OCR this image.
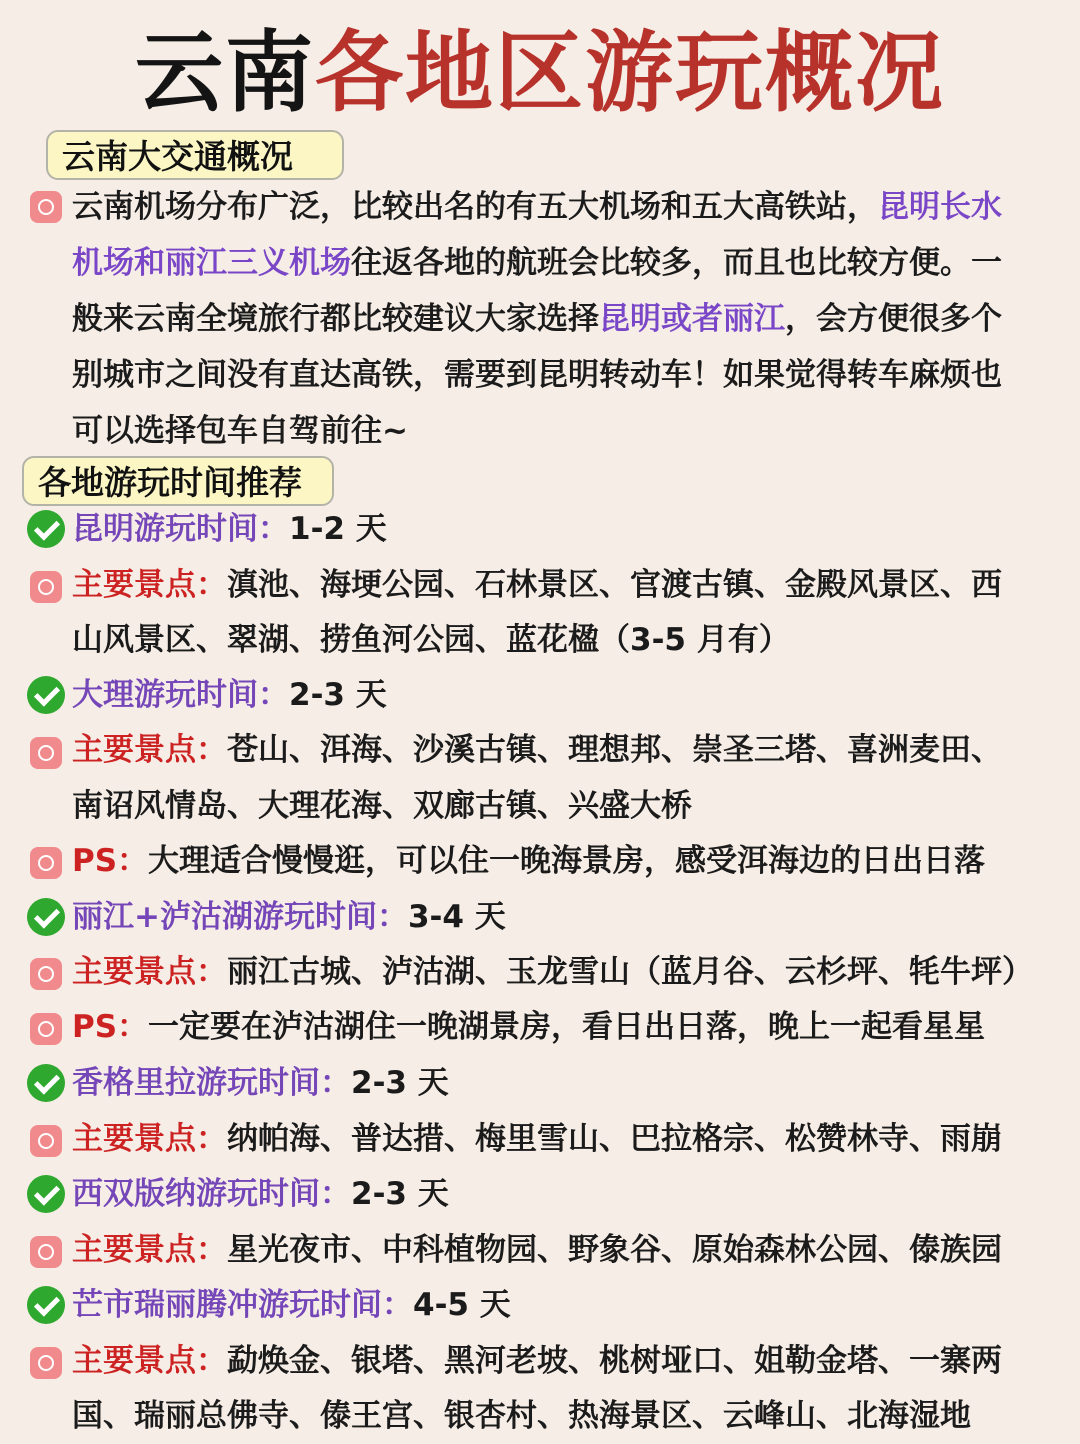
云南各地区游玩概况
云南大交通概况
云南机场分布广泛，比较出名的有五大机场和五大高铁站，昆明长水
机场和丽江三义机场往返各地的航班会比较多，而且也比较方便。一
般来云南全境旅行都比较建议大家选择昆明或者丽江，会方便很多个
别城市之间没有直达高铁，需要到昆明转动车！如果觉得转车麻烦也
可以选择包车自驾前往~
各地游玩时间推荐
昆明游玩时间：1-2 天
主要景点：滇池、海埂公园、石林景区、官渡古镇、金殿风景区、西
山风景区、翠湖、捞鱼河公园、蓝花楹（3-5 月有）
大理游玩时间：2-3 天
主要景点：苍山、洱海、沙溪古镇、理想邦、崇圣三塔、喜洲麦田、
南诏风情岛、大理花海、双廊古镇、兴盛大桥
PS：大理适合慢慢逛，可以住一晚海景房，感受洱海边的日出日落
丽江+泸沽湖游玩时间：3-4 天
主要景点：丽江古城、泸沽湖、玉龙雪山（蓝月谷、云杉坪、牦牛坪）
PS：一定要在泸沽湖住一晚湖景房，看日出日落，晚上一起看星星
香格里拉游玩时间：2-3 天
主要景点：纳帕海、普达措、梅里雪山、巴拉格宗、松赞林寺、雨崩
西双版纳游玩时间：2-3 天
主要景点：星光夜市、中科植物园、野象谷、原始森林公园、傣族园
芒市瑞丽腾冲游玩时间：4-5 天
主要景点：勐焕金、银塔、黑河老坡、桃树垭口、姐勒金塔、一寨两
国、瑞丽总佛寺、傣王宫、银杏村、热海景区、云峰山、北海湿地
